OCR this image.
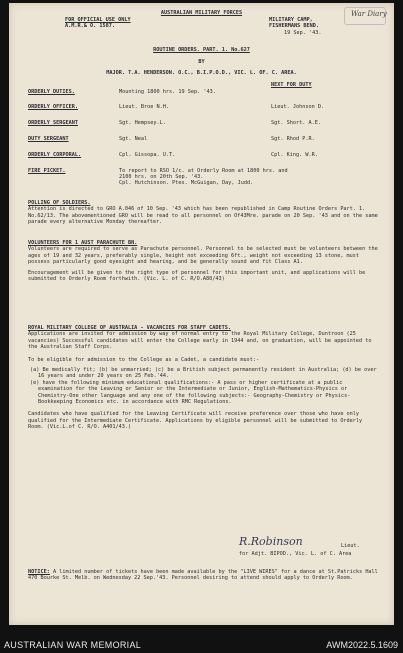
War Diary
AUSTRALIAN MILITARY FORCES
FOR OFFICIAL USE ONLY
A.M.R.& O. 1587.
MILITARY CAMP,
FISHERMANS BEND.
19 Sep. '43.
ROUTINE ORDERS. PART. 1. No.627
BY
MAJOR. T.A. HENDERSON. O.C., B.I.P.O.D., VIC. L. OF. C. AREA.
NEXT FOR DUTY
ORDERLY DUTIES.	Mounting 1800 hrs. 19 Sep. '43.
ORDERLY OFFICER.	Lieut. Broe N.H.	Lieut. Johnson D.
ORDERLY SERGEANT	Sgt. Hempsey.L.	Sgt. Short. A.E.
DUTY SERGEANT	Sgt. Neal	Sgt. Rhod P.R.
ORDERLY CORPORAL.	Cpl. Gissopa. U.T.	Cpl. King. W.R.
FIRE PICKET.	To report to RSO 1/c. at Orderly Room at 1800 hrs. and
2100 hrs. on 20th Sep. '43.
Cpl. Hutchinson. Ptes. McGuigan, Day, Judd.

POLLING OF SOLDIERS.

Attention is directed to GRO A.046 of 10 Sep. '43 which has been republished in Camp Routine Orders Part. 1. No.62/13. The abovementioned GRO will be read to all personnel on Of43Mre. parade on 20 Sep. '43 and on the same parade every alternative Monday thereafter.

VOLUNTEERS FOR 1 AUST PARACHUTE BN.

Volunteers are required to serve as Parachute personnel. Personnel to be selected must be volunteers between the ages of 19 and 32 years, preferably single, height not exceeding 6ft., weight not exceeding 13 stone, must possess particularly good eyesight and hearing, and be generally sound and fit Class A1.

Encouragement will be given to the right type of personnel for this important unit, and applications will be submitted to Orderly Room forthwith. (Vic. L. of C. R/O.A80/43)

ROYAL MILITARY COLLEGE OF AUSTRALIA - VACANCIES FOR STAFF CADETS.

Applications are invited for admission by way of normal entry to the Royal Military College, Duntroon (25 vacancies) Successful candidates will enter the College early in 1944 and, on graduation, will be appointed to the Australian Staff Corps.

To be eligible for admission to the College as a Cadet, a candidate must:-

(a) Be medically fit; (b) be unmarried; (c) be a British subject permanently resident in Australia; (d) be over 16 years and under 20 years on 25 Feb.'44.

(e) have the following minimum educational qualifications:- A pass or higher certificate at a public examination for the Leaving or Senior or the Intermediate or Junior, English-Mathematics-Physics or Chemistry-One other language and any one of the following subjects:- Geography-Chemistry or Physics-Bookkeeping Economics etc. in accordance with RMC Regulations.

Candidates who have qualified for the Leaving Certificate will receive preference over those who have only qualified for the Intermediate Certificate. Applications by eligible personnel will be submitted to Orderly Room. (Vic.L.of C. R/O. A401/43.)

R.Robinson	Lieut.
for Adjt. BIPOD., Vic. L. of C. Area

NOTICE: A limited number of tickets have been made available by the "LIVE WIRES" for a dance at St.Patricks Hall 470 Bourke St. Melb. on Wednesday 22 Sep.'43. Personnel desiring to attend should apply to Orderly Room.

AUSTRALIAN WAR MEMORIAL	AWM2022.5.1609
